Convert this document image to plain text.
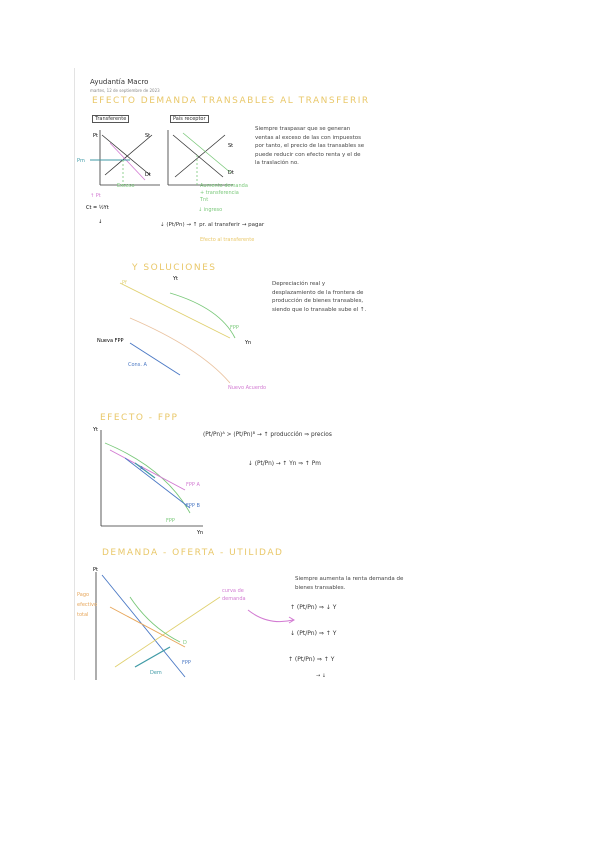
Ayudantía Macro
martes, 12 de septiembre de 2023
EFECTO DEMANDA TRANSABLES AL TRANSFERIR
Transferente	País receptor
Pt
Pm
St
Dt
Exceso
↑ Pt
Ct = ½Yt
↓
St
Dt
Aumento demanda
+ transferencia
Tnt
↓ ingreso
Siempre traspasar que se generan ventas al exceso de las con impuestos por tanto, el precio de las transables se puede reducir con efecto renta y el de la traslación no.
⇣ (Pt/Pn) → ↑ pr. al transferir → pagar
Efecto al transferente
Y SOLUCIONES
Pf
Yt
FPP
Yn
Cons. A
Nueva FPP
Nuevo Acuerdo
Depreciación real y desplazamiento de la frontera de producción de bienes transables, siendo que lo transable sube el ↑.
EFECTO - FPP
Yt
Yn
FPP A
FPP B
FPP
A
(Pt/Pn)ᴬ > (Pt/Pn)ᴮ → ↑ producción ⇒ precios
↓ (Pt/Pn) → ↑ Yn ⇒ ↑ Pm
DEMANDA - OFERTA - UTILIDAD
Pt
Pago
efectivo
total
curva de
demanda
FPP
Dem
D
Siempre aumenta la renta demanda de bienes transables.
↑ (Pt/Pn) ⇒ ↓ Y
↓ (Pt/Pn) ⇒ ↑ Y
↑ (Pt/Pn) ⇒ ↑ Y
→ ↓
